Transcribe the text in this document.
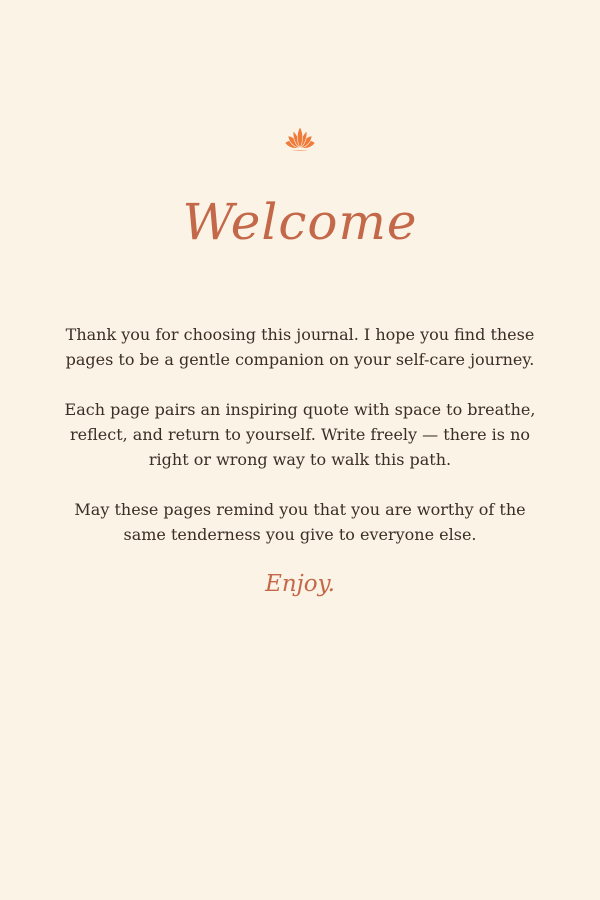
Welcome

Thank you for choosing this journal. I hope you find these pages to be a gentle companion on your self-care journey.

Each page pairs an inspiring quote with space to breathe, reflect, and return to yourself. Write freely — there is no right or wrong way to walk this path.

May these pages remind you that you are worthy of the same tenderness you give to everyone else.

Enjoy.
